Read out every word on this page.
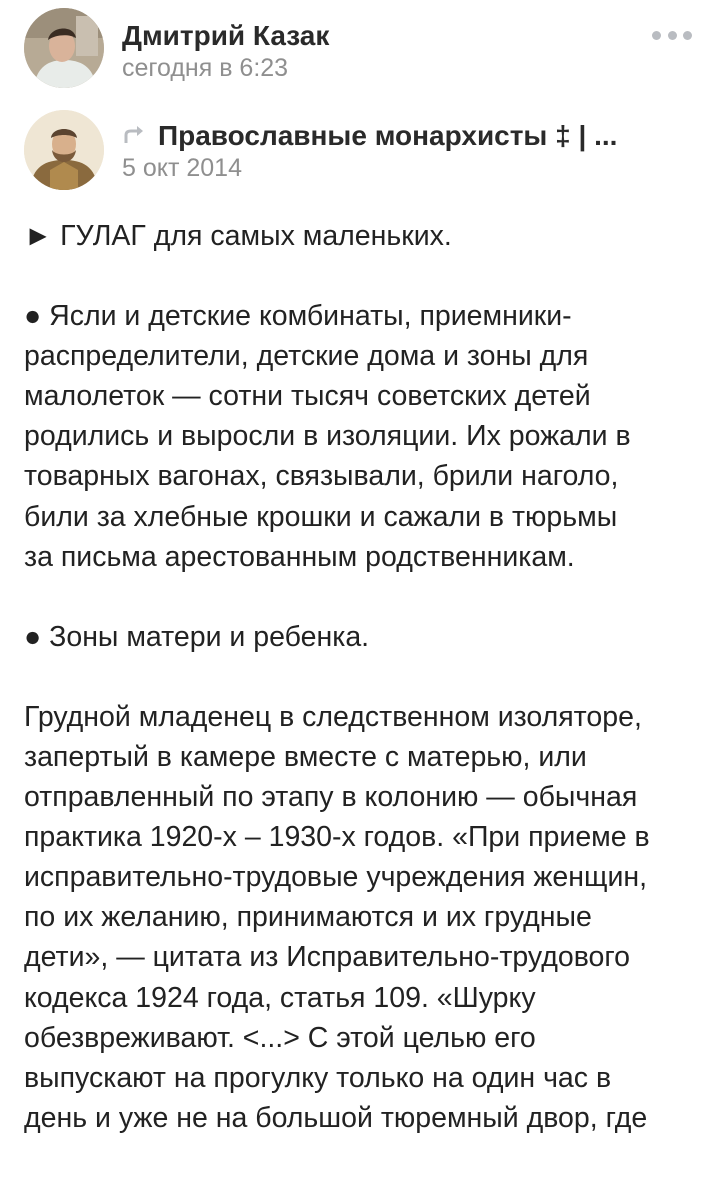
Дмитрий Казак
сегодня в 6:23
Православные монархисты ‡ | ...
5 окт 2014

► ГУЛАГ для самых маленьких.

● Ясли и детские комбинаты, приемники-
распределители, детские дома и зоны для
малолеток — сотни тысяч советских детей
родились и выросли в изоляции. Их рожали в
товарных вагонах, связывали, брили наголо,
били за хлебные крошки и сажали в тюрьмы
за письма арестованным родственникам.

● Зоны матери и ребенка.

Грудной младенец в следственном изоляторе,
запертый в камере вместе с матерью, или
отправленный по этапу в колонию — обычная
практика 1920-х – 1930-х годов. «При приеме в
исправительно-трудовые учреждения женщин,
по их желанию, принимаются и их грудные
дети», — цитата из Исправительно-трудового
кодекса 1924 года, статья 109. «Шурку
обезвреживают. <...> С этой целью его
выпускают на прогулку только на один час в
день и уже не на большой тюремный двор, где
